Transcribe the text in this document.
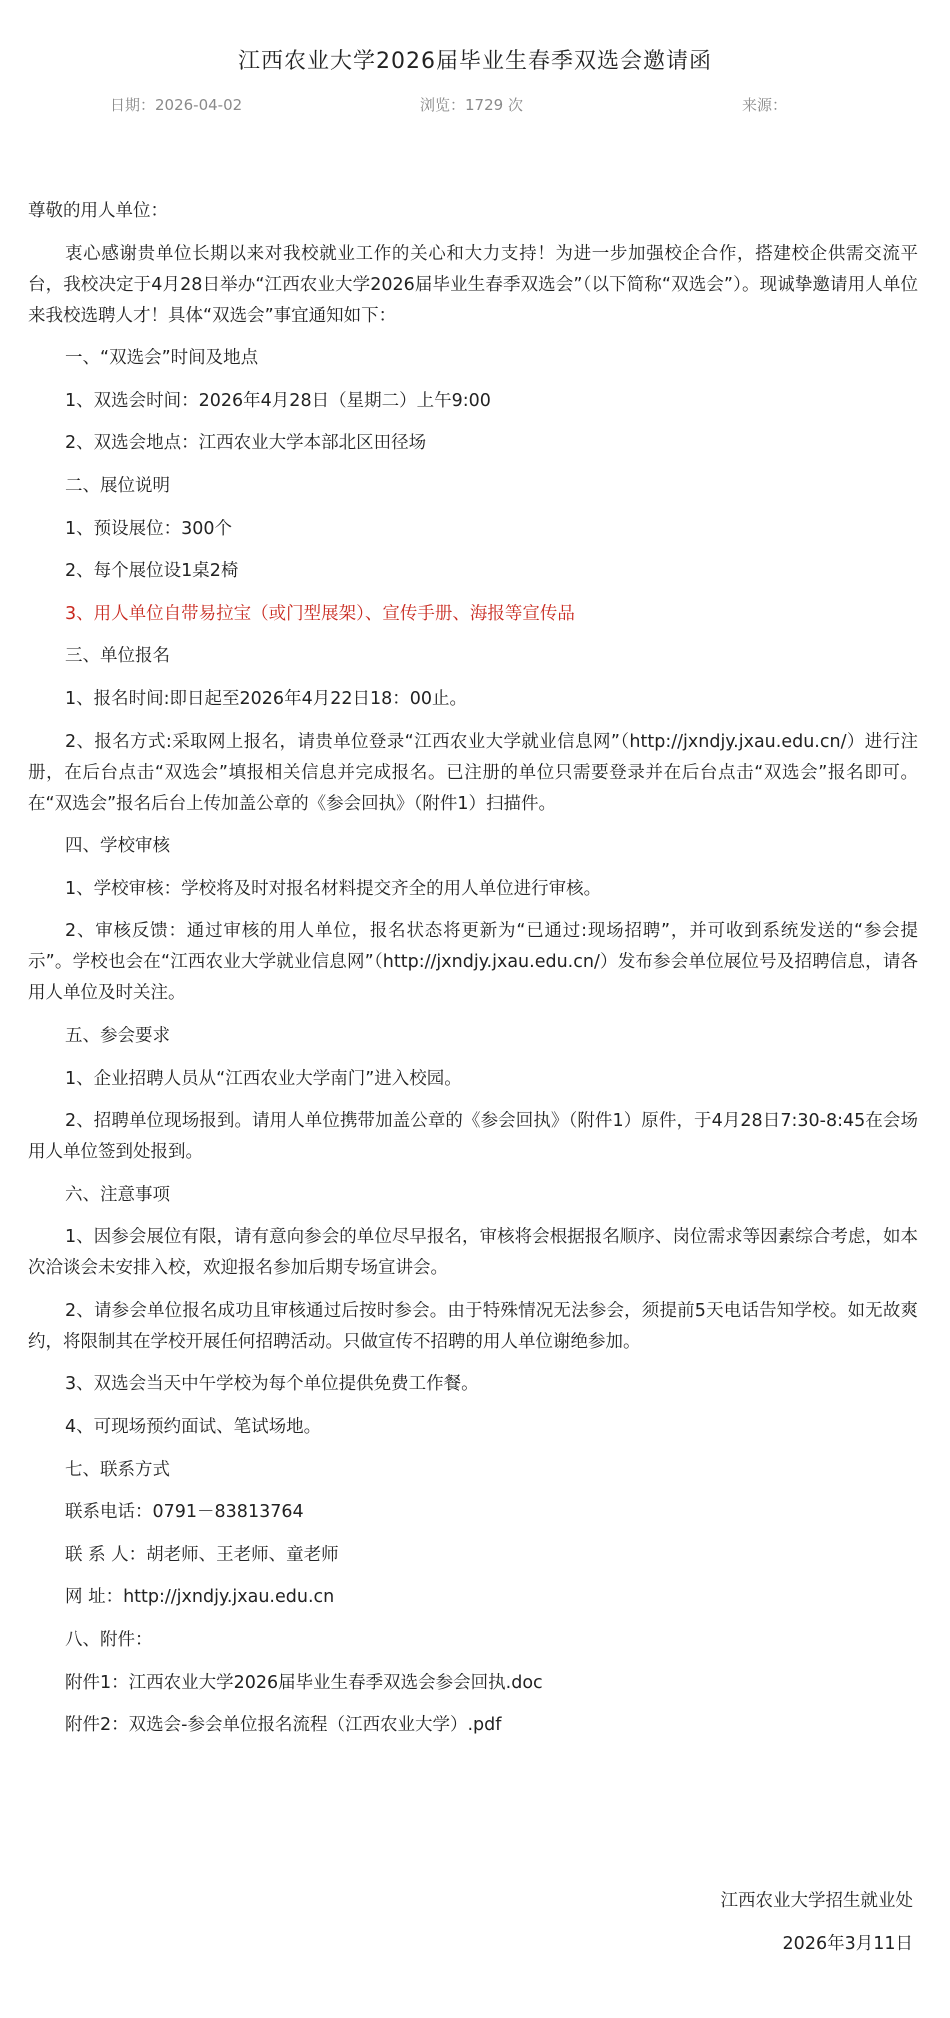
江西农业大学2026届毕业生春季双选会邀请函
日期：2026-04-02	浏览：1729 次	来源：

尊敬的用人单位：

衷心感谢贵单位长期以来对我校就业工作的关心和大力支持！为进一步加强校企合作，搭建校企供需交流平台，我校决定于4月28日举办“江西农业大学2026届毕业生春季双选会”（以下简称“双选会”）。现诚挚邀请用人单位来我校选聘人才！具体“双选会”事宜通知如下：

一、“双选会”时间及地点

1、双选会时间：2026年4月28日（星期二）上午9:00

2、双选会地点：江西农业大学本部北区田径场

二、展位说明

1、预设展位：300个

2、每个展位设1桌2椅

3、用人单位自带易拉宝（或门型展架）、宣传手册、海报等宣传品

三、单位报名

1、报名时间:即日起至2026年4月22日18：00止。

2、报名方式:采取网上报名，请贵单位登录“江西农业大学就业信息网”（http://jxndjy.jxau.edu.cn/）进行注册，在后台点击“双选会”填报相关信息并完成报名。已注册的单位只需要登录并在后台点击“双选会”报名即可。在“双选会”报名后台上传加盖公章的《参会回执》（附件1）扫描件。

四、学校审核

1、学校审核：学校将及时对报名材料提交齐全的用人单位进行审核。

2、审核反馈：通过审核的用人单位，报名状态将更新为“已通过:现场招聘”，并可收到系统发送的“参会提示”。学校也会在“江西农业大学就业信息网”（http://jxndjy.jxau.edu.cn/）发布参会单位展位号及招聘信息，请各用人单位及时关注。

五、参会要求

1、企业招聘人员从“江西农业大学南门”进入校园。

2、招聘单位现场报到。请用人单位携带加盖公章的《参会回执》（附件1）原件，于4月28日7:30-8:45在会场用人单位签到处报到。

六、注意事项

1、因参会展位有限，请有意向参会的单位尽早报名，审核将会根据报名顺序、岗位需求等因素综合考虑，如本次洽谈会未安排入校，欢迎报名参加后期专场宣讲会。

2、请参会单位报名成功且审核通过后按时参会。由于特殊情况无法参会，须提前5天电话告知学校。如无故爽约，将限制其在学校开展任何招聘活动。只做宣传不招聘的用人单位谢绝参加。

3、双选会当天中午学校为每个单位提供免费工作餐。

4、可现场预约面试、笔试场地。

七、联系方式

联系电话：0791－83813764

联 系 人：胡老师、王老师、童老师

网 址：http://jxndjy.jxau.edu.cn

八、附件：

附件1：江西农业大学2026届毕业生春季双选会参会回执.doc

附件2：双选会-参会单位报名流程（江西农业大学）.pdf

江西农业大学招生就业处
2026年3月11日
